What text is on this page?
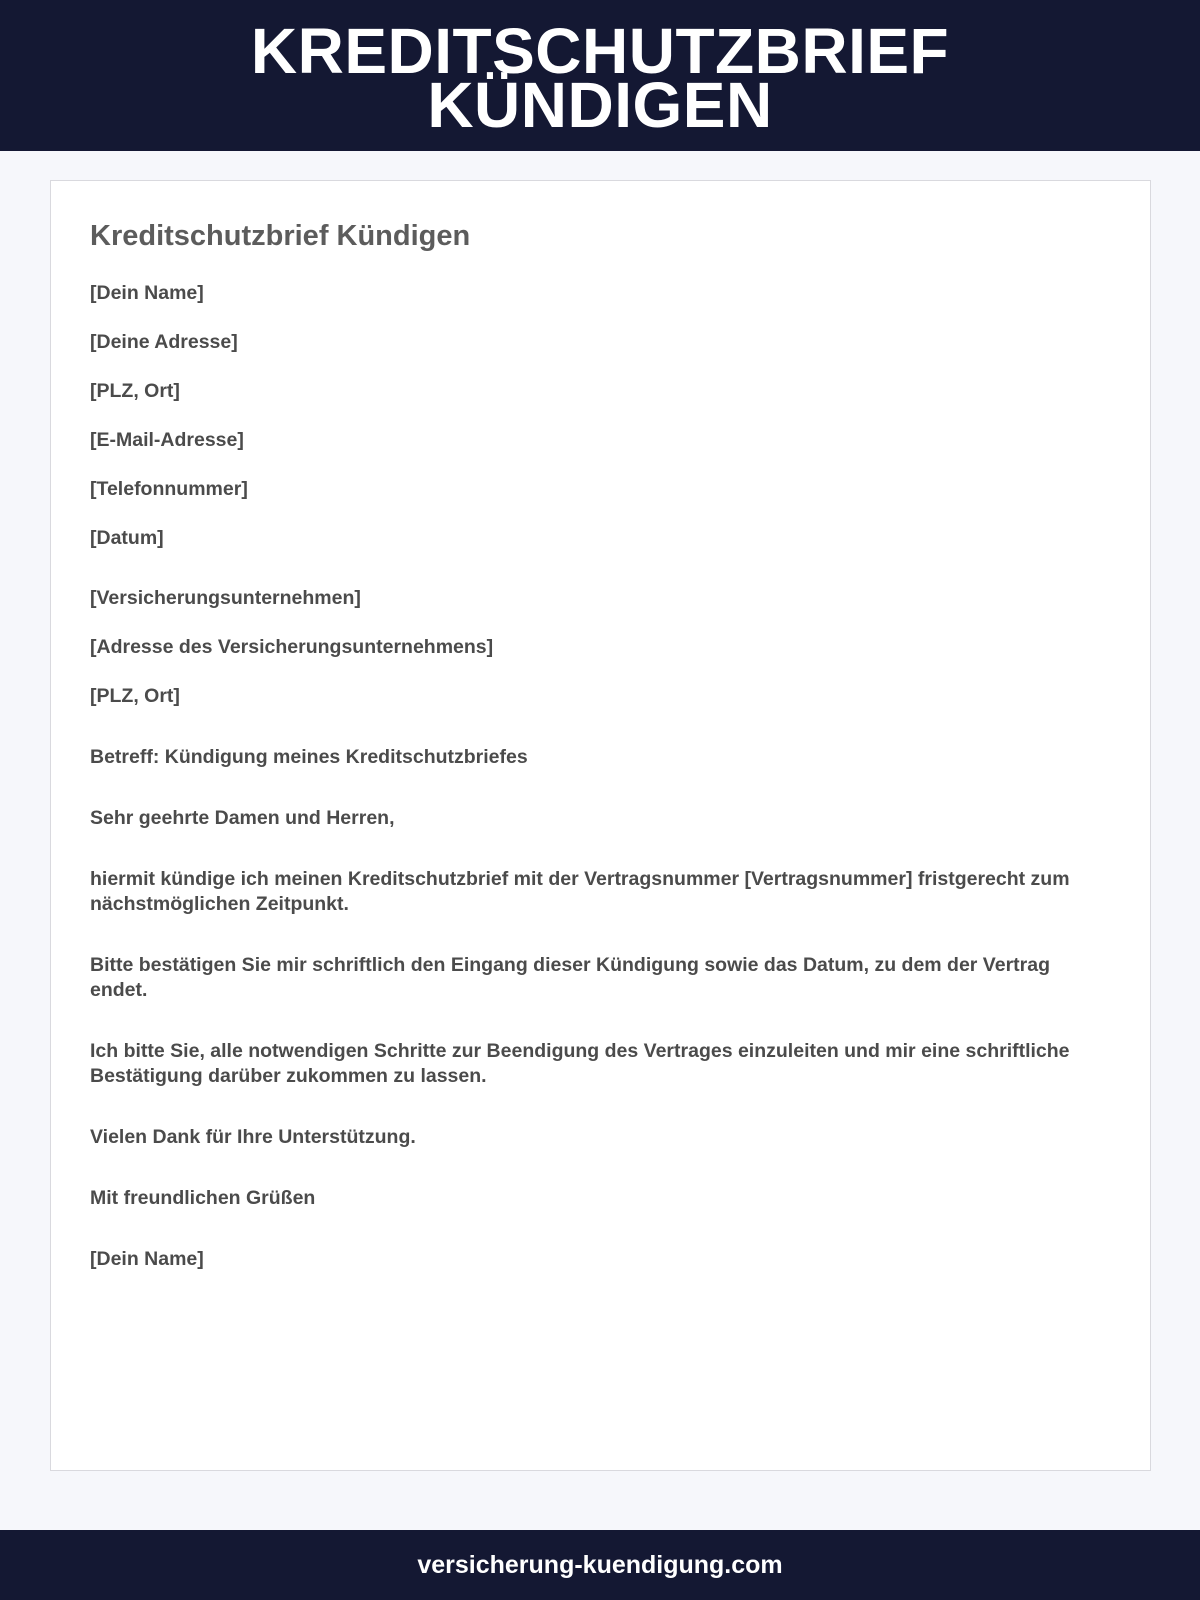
KREDITSCHUTZBRIEF
KÜNDIGEN
Kreditschutzbrief Kündigen

[Dein Name]

[Deine Adresse]

[PLZ, Ort]

[E-Mail-Adresse]

[Telefonnummer]

[Datum]

[Versicherungsunternehmen]

[Adresse des Versicherungsunternehmens]

[PLZ, Ort]

Betreff: Kündigung meines Kreditschutzbriefes

Sehr geehrte Damen und Herren,

hiermit kündige ich meinen Kreditschutzbrief mit der Vertragsnummer [Vertragsnummer] fristgerecht zum nächstmöglichen Zeitpunkt.

Bitte bestätigen Sie mir schriftlich den Eingang dieser Kündigung sowie das Datum, zu dem der Vertrag endet.

Ich bitte Sie, alle notwendigen Schritte zur Beendigung des Vertrages einzuleiten und mir eine schriftliche Bestätigung darüber zukommen zu lassen.

Vielen Dank für Ihre Unterstützung.

Mit freundlichen Grüßen

[Dein Name]

versicherung-kuendigung.com
